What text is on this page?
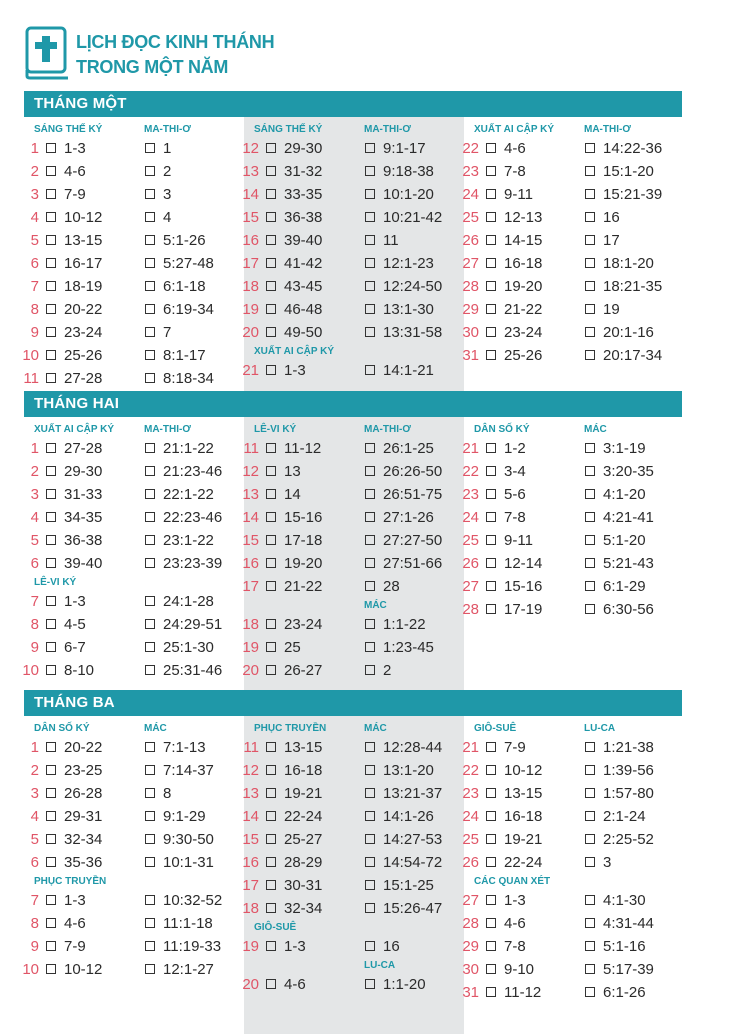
LỊCH ĐỌC KINH THÁNH
TRONG MỘT NĂM
THÁNG MỘT
SÁNG THẾ KÝ	MA-THI-Ơ
1 1-3	1
2 4-6	2
3 7-9	3
4 10-12	4
5 13-15	5:1-26
6 16-17	5:27-48
7 18-19	6:1-18
8 20-22	6:19-34
9 23-24	7
10 25-26	8:1-17
11 27-28	8:18-34
SÁNG THẾ KÝ	MA-THI-Ơ
12 29-30	9:1-17
13 31-32	9:18-38
14 33-35	10:1-20
15 36-38	10:21-42
16 39-40	11
17 41-42	12:1-23
18 43-45	12:24-50
19 46-48	13:1-30
20 49-50	13:31-58
XUẤT AI CẬP KÝ
21 1-3	14:1-21
XUẤT AI CẬP KÝ	MA-THI-Ơ
22 4-6	14:22-36
23 7-8	15:1-20
24 9-11	15:21-39
25 12-13	16
26 14-15	17
27 16-18	18:1-20
28 19-20	18:21-35
29 21-22	19
30 23-24	20:1-16
31 25-26	20:17-34
THÁNG HAI
XUẤT AI CẬP KÝ	MA-THI-Ơ
1 27-28	21:1-22
2 29-30	21:23-46
3 31-33	22:1-22
4 34-35	22:23-46
5 36-38	23:1-22
6 39-40	23:23-39
LÊ-VI KÝ
7 1-3	24:1-28
8 4-5	24:29-51
9 6-7	25:1-30
10 8-10	25:31-46
LÊ-VI KÝ	MA-THI-Ơ
11 11-12	26:1-25
12 13	26:26-50
13 14	26:51-75
14 15-16	27:1-26
15 17-18	27:27-50
16 19-20	27:51-66
17 21-22	28
MÁC
18 23-24	1:1-22
19 25	1:23-45
20 26-27	2
DÂN SỐ KÝ	MÁC
21 1-2	3:1-19
22 3-4	3:20-35
23 5-6	4:1-20
24 7-8	4:21-41
25 9-11	5:1-20
26 12-14	5:21-43
27 15-16	6:1-29
28 17-19	6:30-56
THÁNG BA
DÂN SỐ KÝ	MÁC
1 20-22	7:1-13
2 23-25	7:14-37
3 26-28	8
4 29-31	9:1-29
5 32-34	9:30-50
6 35-36	10:1-31
PHỤC TRUYỀN
7 1-3	10:32-52
8 4-6	11:1-18
9 7-9	11:19-33
10 10-12	12:1-27
PHỤC TRUYỀN	MÁC
11 13-15	12:28-44
12 16-18	13:1-20
13 19-21	13:21-37
14 22-24	14:1-26
15 25-27	14:27-53
16 28-29	14:54-72
17 30-31	15:1-25
18 32-34	15:26-47
GIÔ-SUÊ
19 1-3	16
LU-CA
20 4-6	1:1-20
GIÔ-SUÊ	LU-CA
21 7-9	1:21-38
22 10-12	1:39-56
23 13-15	1:57-80
24 16-18	2:1-24
25 19-21	2:25-52
26 22-24	3
CÁC QUAN XÉT
27 1-3	4:1-30
28 4-6	4:31-44
29 7-8	5:1-16
30 9-10	5:17-39
31 11-12	6:1-26
